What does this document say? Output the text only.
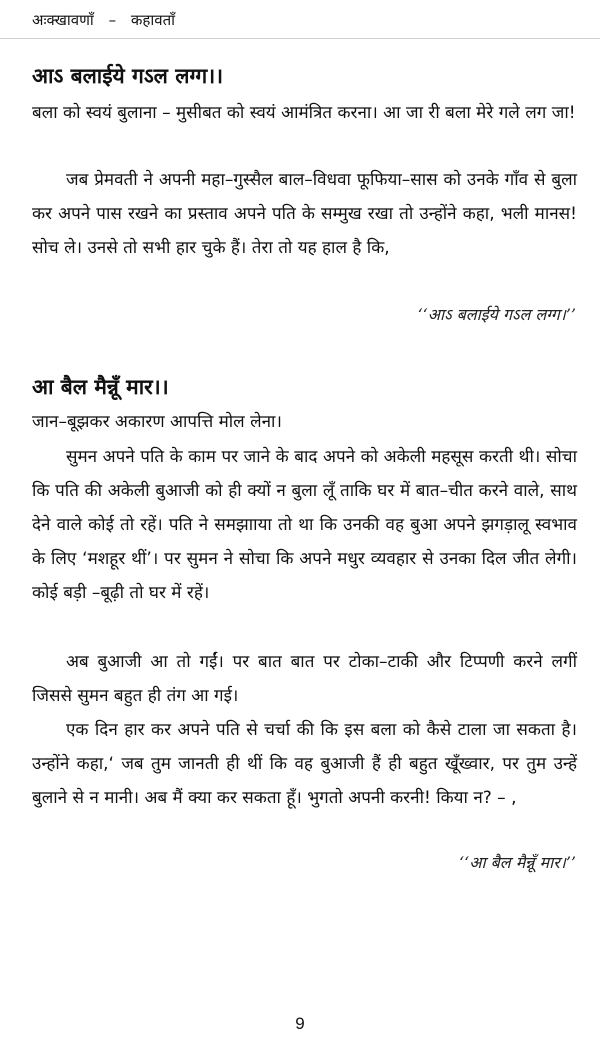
अःक्खावणाँ – कहावताँ
आऽ बलाईये गऽल लग्ग।।
बला को स्वयं बुलाना – मुसीबत को स्वयं आमंत्रित करना। आ जा री बला मेरे गले लग जा!
जब प्रेमवती ने अपनी महा–गुस्सैल बाल–विधवा फूफिया–सास को उनके गाँव से बुला कर अपने पास रखने का प्रस्ताव अपने पति के सम्मुख रखा तो उन्होंने कहा, भली मानस! सोच ले। उनसे तो सभी हार चुके हैं। तेरा तो यह हाल है कि,
‘‘आऽ बलाईये गऽल लग्ग।’’
आ बैल मैन्नूँ मार।।
जान–बूझकर अकारण आपत्ति मोल लेना।
सुमन अपने पति के काम पर जाने के बाद अपने को अकेली महसूस करती थी। सोचा कि पति की अकेली बुआजी को ही क्यों न बुला लूँ ताकि घर में बात–चीत करने वाले, साथ देने वाले कोई तो रहें। पति ने समझााया तो था कि उनकी वह बुआ अपने झगड़ालू स्वभाव के लिए ‘मशहूर थीं’। पर सुमन ने सोचा कि अपने मधुर व्यवहार से उनका दिल जीत लेगी। कोई बड़ी –बूढ़ी तो घर में रहें।
अब बुआजी आ तो गईं। पर बात बात पर टोका–टाकी और टिप्पणी करने लगीं जिससे सुमन बहुत ही तंग आ गई।
एक दिन हार कर अपने पति से चर्चा की कि इस बला को कैसे टाला जा सकता है। उन्होंने कहा,‘ जब तुम जानती ही थीं कि वह बुआजी हैं ही बहुत खूँख्वार, पर तुम उन्हें बुलाने से न मानी। अब मैं क्या कर सकता हूँ। भुगतो अपनी करनी! किया न? – ,
‘‘आ बैल मैन्नूँ मार।’’
9
